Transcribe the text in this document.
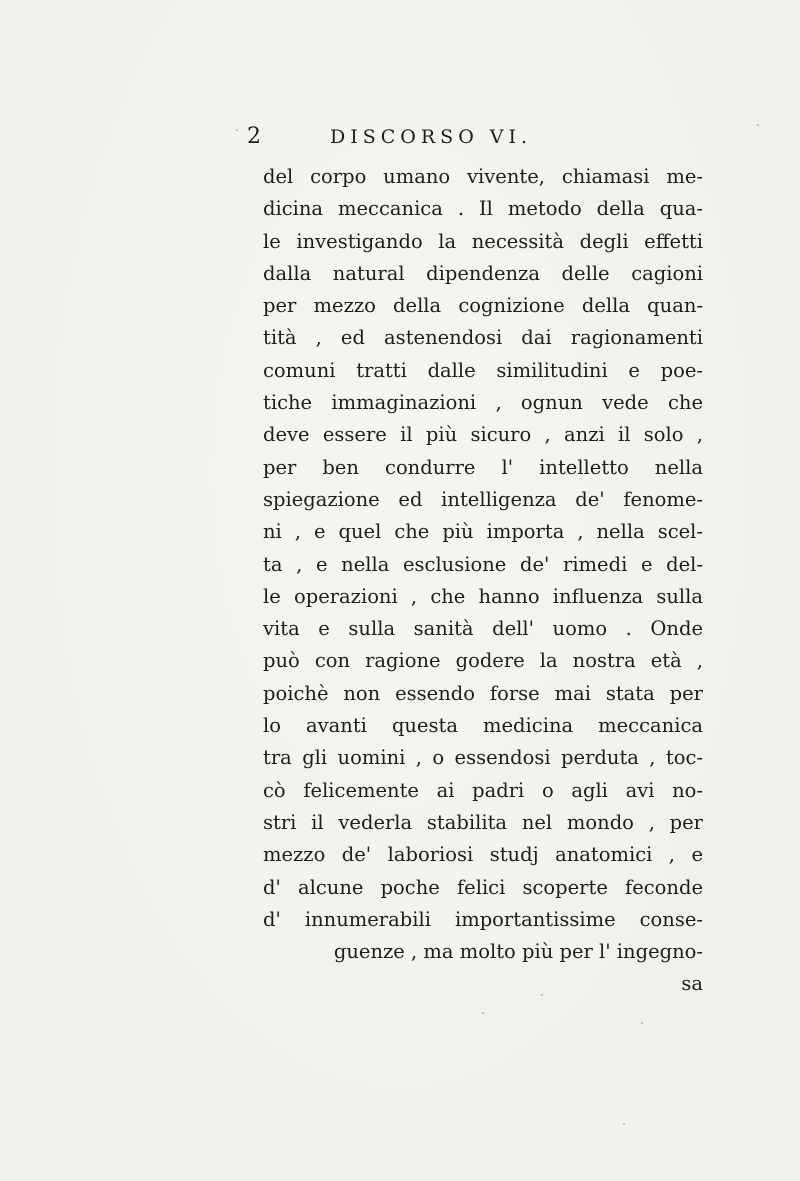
2	DISCORSO VI.
del corpo umano vivente, chiamasi me-
dicina meccanica . Il metodo della qua-
le investigando la necessità degli effetti
dalla natural dipendenza delle cagioni
per mezzo della cognizione della quan-
tità , ed astenendosi dai ragionamenti
comuni tratti dalle similitudini e poe-
tiche immaginazioni , ognun vede che
deve essere il più sicuro , anzi il solo ,
per ben condurre l' intelletto nella
spiegazione ed intelligenza de' fenome-
ni , e quel che più importa , nella scel-
ta , e nella esclusione de' rimedi e del-
le operazioni , che hanno influenza sulla
vita e sulla sanità dell' uomo . Onde
può con ragione godere la nostra età ,
poichè non essendo forse mai stata per
lo avanti questa medicina meccanica
tra gli uomini , o essendosi perduta , toc-
cò felicemente ai padri o agli avi no-
stri il vederla stabilita nel mondo , per
mezzo de' laboriosi studj anatomici , e
d' alcune poche felici scoperte feconde
d' innumerabili importantissime conse-
guenze , ma molto più per l' ingegno-
sa
